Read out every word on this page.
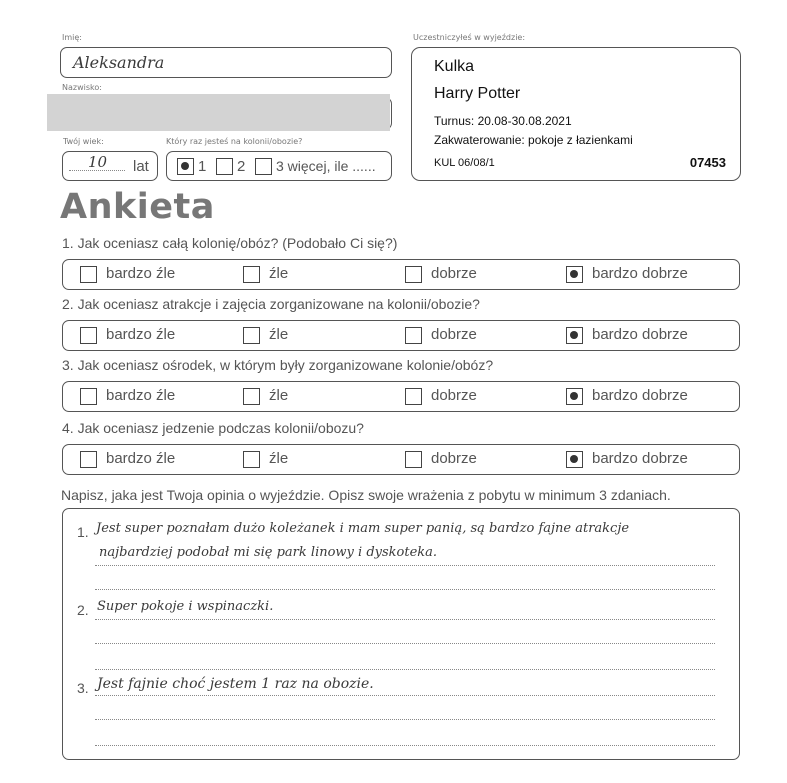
Imię:
Aleksandra
Nazwisko:
Twój wiek:	Który raz jesteś na kolonii/obozie?
10 lat	1 2 3 więcej, ile ......
Uczestniczyłeś w wyjeździe:
Kulka
Harry Potter
Turnus: 20.08-30.08.2021
Zakwaterowanie: pokoje z łazienkami
KUL 06/08/1	07453
Ankieta
1. Jak oceniasz całą kolonię/obóz? (Podobało Ci się?)
bardzo źle	źle	dobrze	bardzo dobrze
2. Jak oceniasz atrakcje i zajęcia zorganizowane na kolonii/obozie?
bardzo źle	źle	dobrze	bardzo dobrze
3. Jak oceniasz ośrodek, w którym były zorganizowane kolonie/obóz?
bardzo źle	źle	dobrze	bardzo dobrze
4. Jak oceniasz jedzenie podczas kolonii/obozu?
bardzo źle	źle	dobrze	bardzo dobrze
Napisz, jaka jest Twoja opinia o wyjeździe. Opisz swoje wrażenia z pobytu w minimum 3 zdaniach.
1. Jest super poznałam dużo koleżanek i mam super panią, są bardzo fajne atrakcje
najbardziej podobał mi się park linowy i dyskoteka.
2. Super pokoje i wspinaczki.
3. Jest fajnie choć jestem 1 raz na obozie.
